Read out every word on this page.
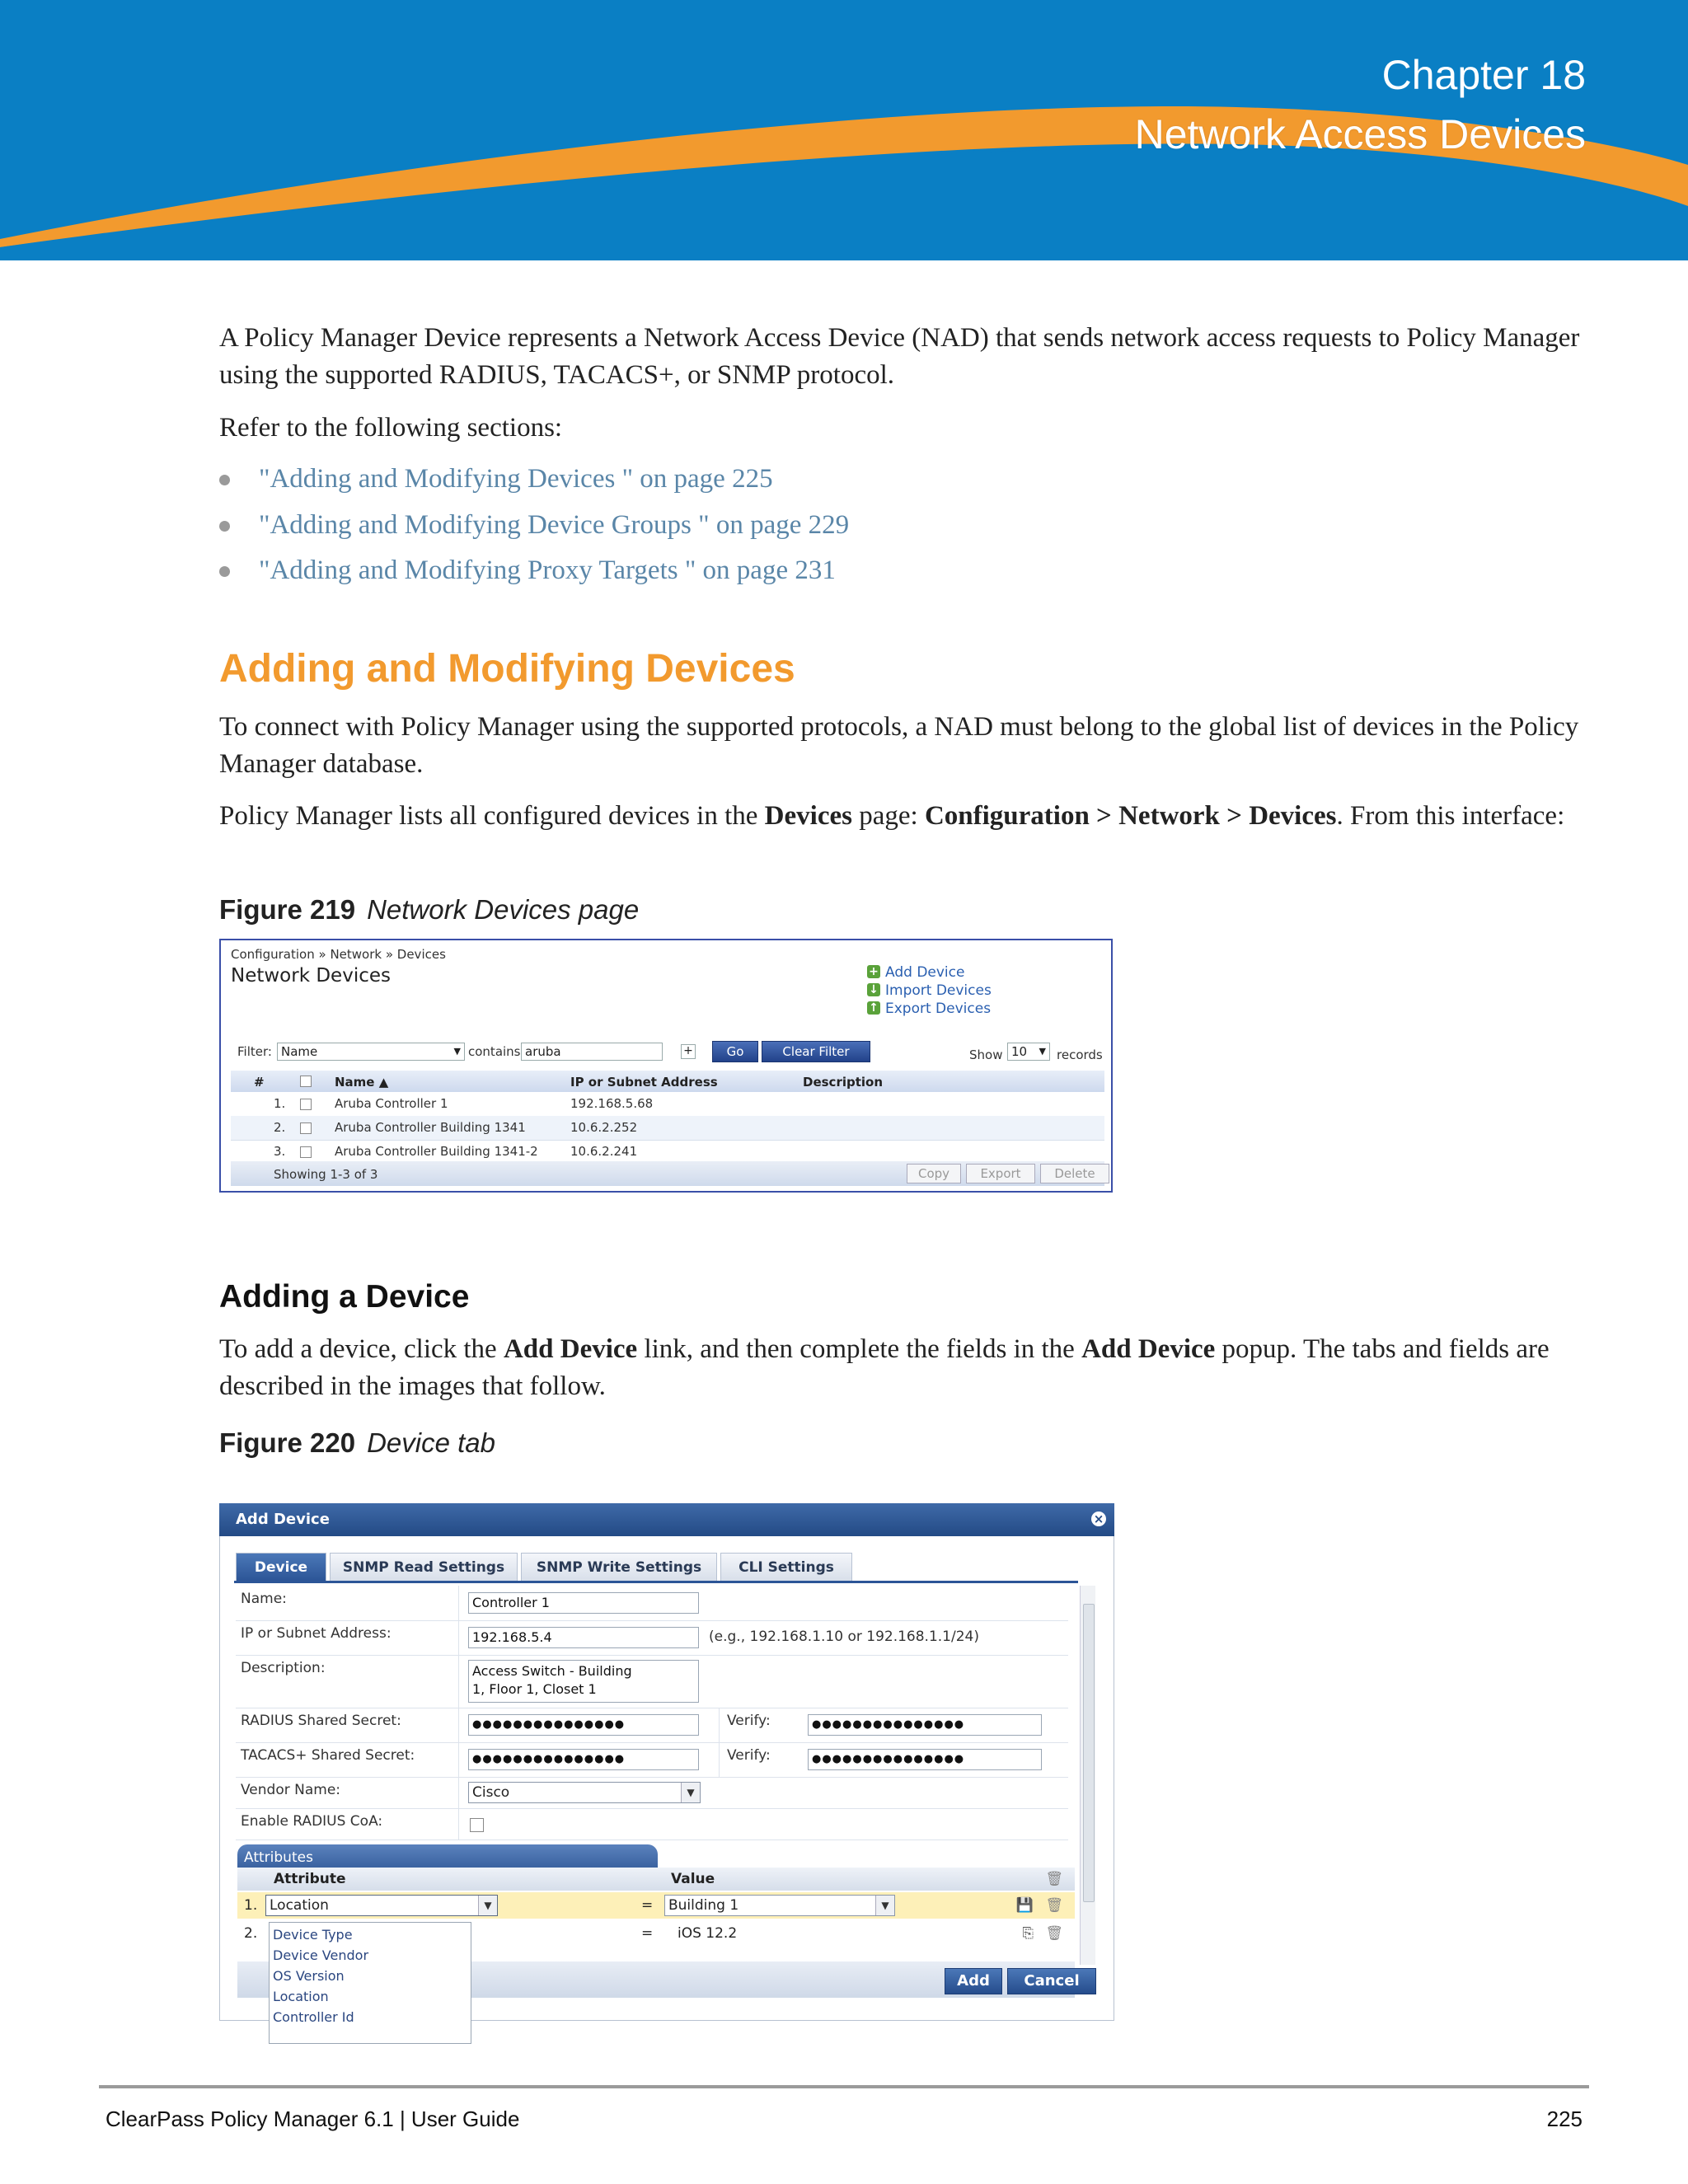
Chapter 18
Network Access Devices

A Policy Manager Device represents a Network Access Device (NAD) that sends network access requests to Policy Manager using the supported RADIUS, TACACS+, or SNMP protocol.

Refer to the following sections:

"Adding and Modifying Devices " on page 225
"Adding and Modifying Device Groups " on page 229
"Adding and Modifying Proxy Targets " on page 231
Adding and Modifying Devices

To connect with Policy Manager using the supported protocols, a NAD must belong to the global list of devices in the Policy Manager database.

Policy Manager lists all configured devices in the Devices page: Configuration > Network > Devices. From this interface:

Figure 219 Network Devices page
Configuration » Network » Devices
Network Devices	+ Add Device
↓ Import Devices
↑ Export Devices
Filter: Name	▼ contains aruba	+	Go	Clear Filter	Show 10 ▼ records
#	Name ▲	IP or Subnet Address	Description
1.	Aruba Controller 1	192.168.5.68
2.	Aruba Controller Building 1341	10.6.2.252
3.	Aruba Controller Building 1341-2	10.6.2.241
Showing 1-3 of 3	Copy	Export	Delete
Adding a Device

To add a device, click the Add Device link, and then complete the fields in the Add Device popup. The tabs and fields are described in the images that follow.

Figure 220 Device tab
Add Device	×
Device	SNMP Read Settings	SNMP Write Settings	CLI Settings
Name:	Controller 1
IP or Subnet Address:	192.168.5.4	(e.g., 192.168.1.10 or 192.168.1.1/24)
Description:	Access Switch - Building
1, Floor 1, Closet 1
RADIUS Shared Secret:	●●●●●●●●●●●●●●●	Verify:	●●●●●●●●●●●●●●●
TACACS+ Shared Secret:	●●●●●●●●●●●●●●●	Verify:	●●●●●●●●●●●●●●●
Vendor Name:	Cisco	▼
Enable RADIUS CoA:
Attributes
Attribute	Value	🗑
1. Location	▼	= Building 1	▼	💾 🗑
2.	= iOS 12.2	⎘ 🗑
Add	Cancel
Device Type
Device Vendor
OS Version
Location
Controller Id
ClearPass Policy Manager 6.1 | User Guide	225
